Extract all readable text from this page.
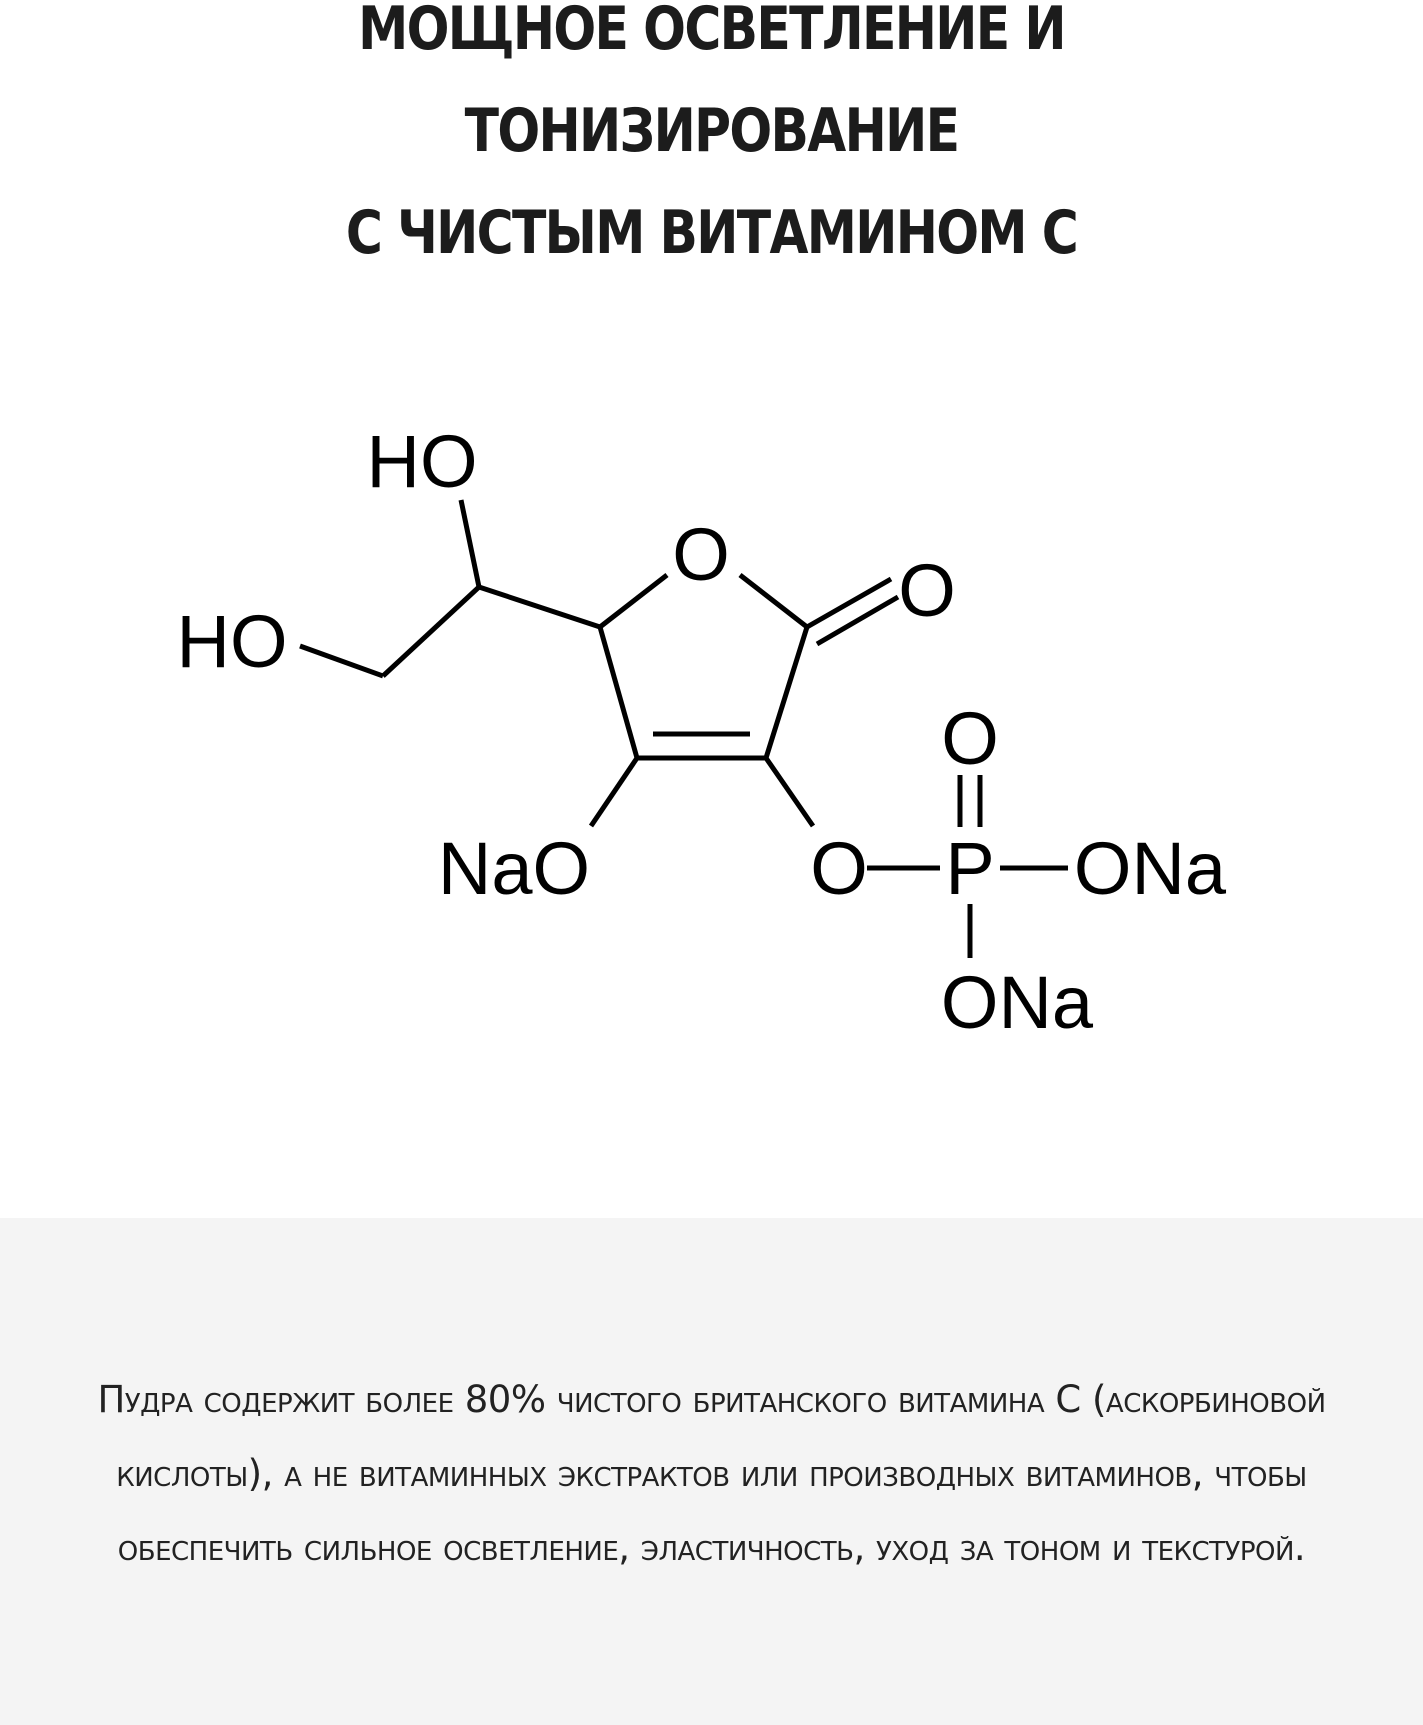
МОЩНОЕ ОСВЕТЛЕНИЕ И
ТОНИЗИРОВАНИЕ
С ЧИСТЫМ ВИТАМИНОМ С
HO
HO
O O
NaO	O P ONa
ONa
O

Пудра содержит более 80% чистого британского витамина С (аскорбиновой кислоты), а не витаминных экстрактов или производных витаминов, чтобы обеспечить сильное осветление, эластичность, уход за тоном и текстурой.
